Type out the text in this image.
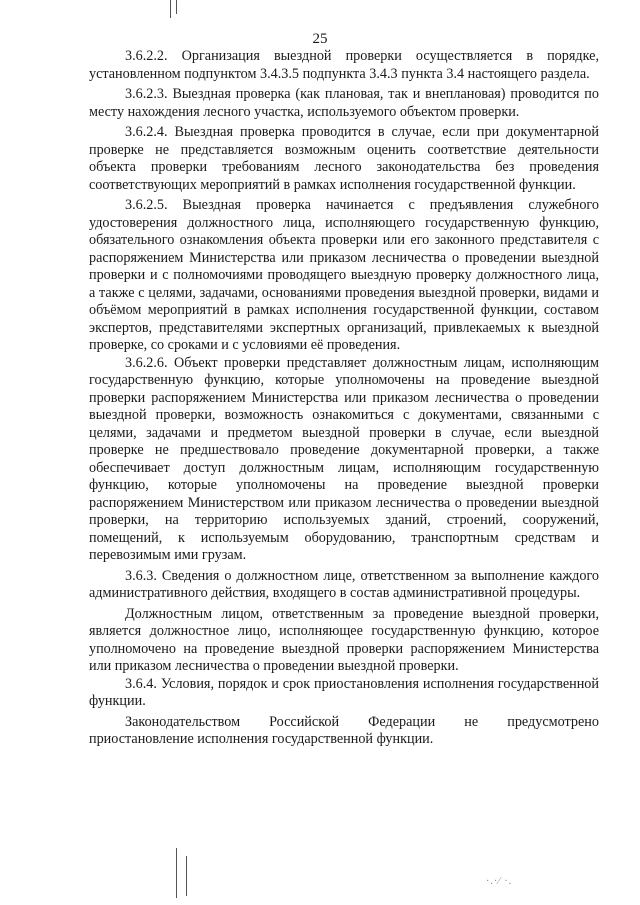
25

3.6.2.2. Организация выездной проверки осуществляется в порядке, установленном подпунктом 3.4.3.5 подпункта 3.4.3 пункта 3.4 настоящего раздела.

3.6.2.3. Выездная проверка (как плановая, так и внеплановая) проводится по месту нахождения лесного участка, используемого объектом проверки.

3.6.2.4. Выездная проверка проводится в случае, если при документарной проверке не представляется возможным оценить соответствие деятельности объекта проверки требованиям лесного законодательства без проведения соответствующих мероприятий в рамках исполнения государственной функции.

3.6.2.5. Выездная проверка начинается с предъявления служебного удостоверения должностного лица, исполняющего государственную функцию, обязательного ознакомления объекта проверки или его законного представителя с распоряжением Министерства или приказом лесничества о проведении выездной проверки и с полномочиями проводящего выездную проверку должностного лица, а также с целями, задачами, основаниями проведения выездной проверки, видами и объёмом мероприятий в рамках исполнения государственной функции, составом экспертов, представителями экспертных организаций, привлекаемых к выездной проверке, со сроками и с условиями её проведения.

3.6.2.6. Объект проверки представляет должностным лицам, исполняющим государственную функцию, которые уполномочены на проведение выездной проверки распоряжением Министерства или приказом лесничества о проведении выездной проверки, возможность ознакомиться с документами, связанными с целями, задачами и предметом выездной проверки в случае, если выездной проверке не предшествовало проведение документарной проверки, а также обеспечивает доступ должностным лицам, исполняющим государственную функцию, которые уполномочены на проведение выездной проверки распоряжением Министерством или приказом лесничества о проведении выездной проверки, на территорию используемых зданий, строений, сооружений, помещений, к используемым оборудованию, транспортным средствам и перевозимым ими грузам.

3.6.3. Сведения о должностном лице, ответственном за выполнение каждого административного действия, входящего в состав административной процедуры.

Должностным лицом, ответственным за проведение выездной проверки, является должностное лицо, исполняющее государственную функцию, которое уполномочено на проведение выездной проверки распоряжением Министерства или приказом лесничества о проведении выездной проверки.

3.6.4. Условия, порядок и срок приостановления исполнения государственной функции.

Законодательством Российской Федерации не предусмотрено приостановление исполнения государственной функции.

·.·⁄ ·.
